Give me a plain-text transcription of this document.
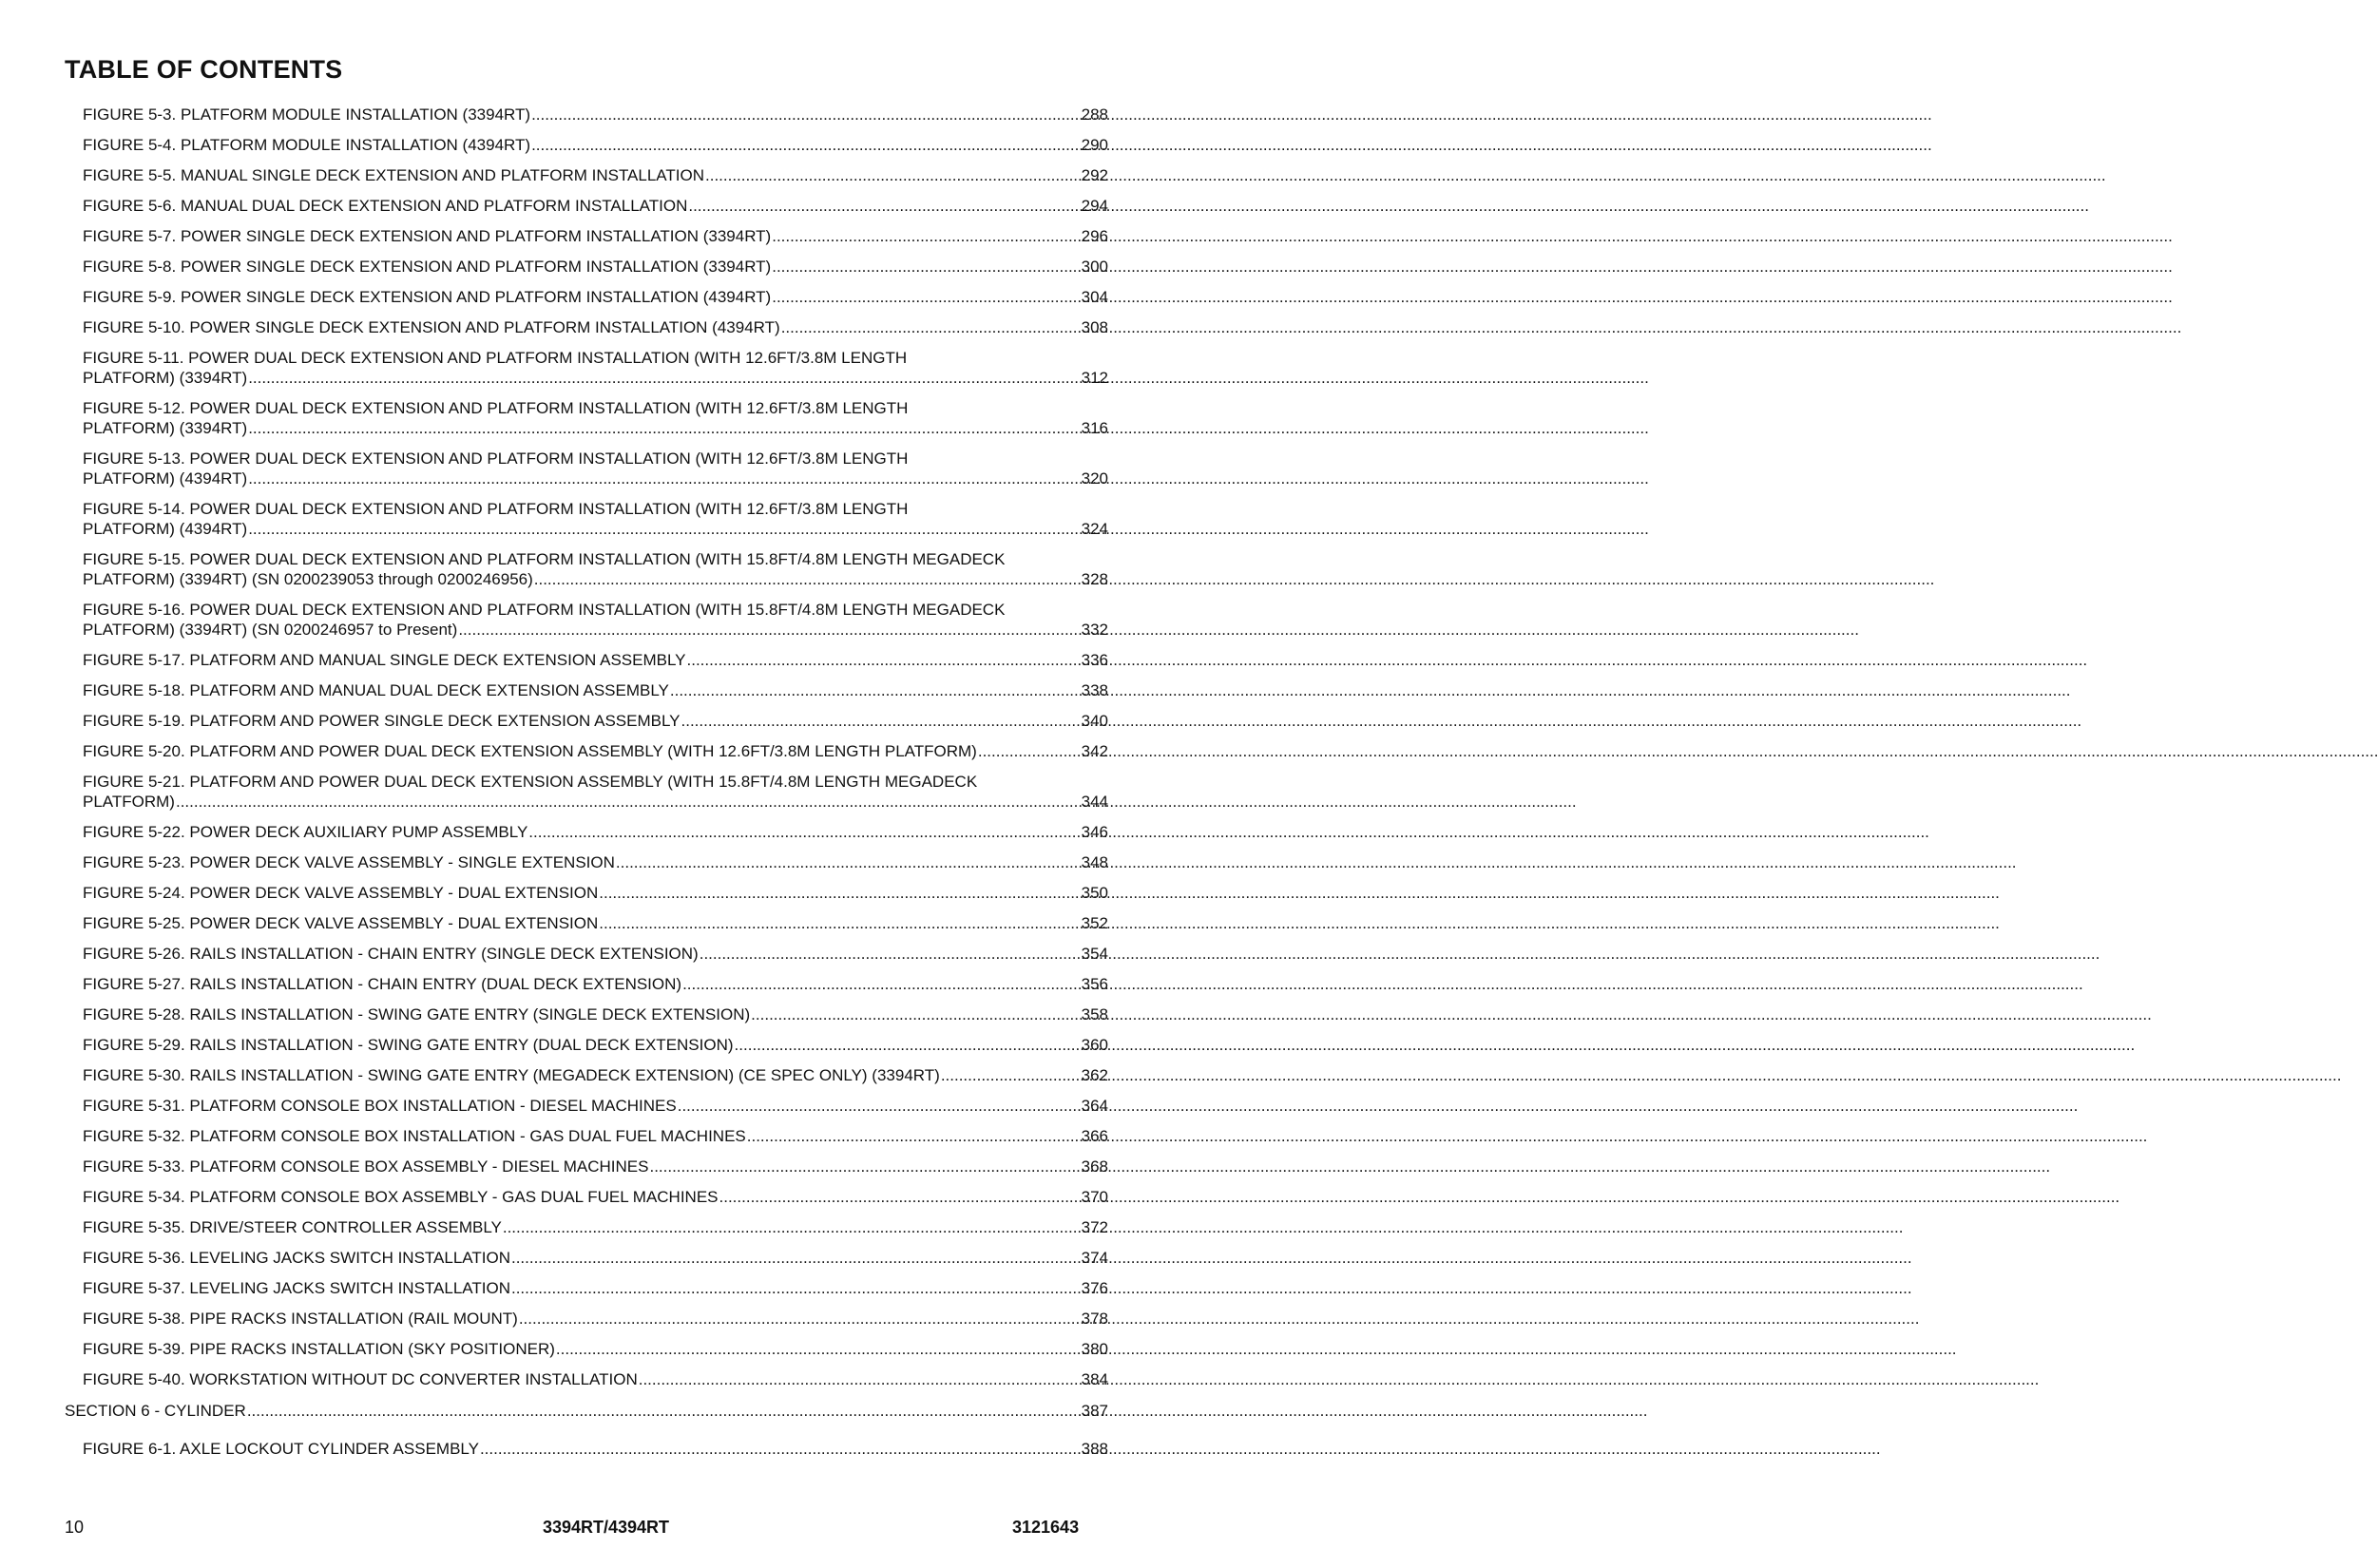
TABLE OF CONTENTS
FIGURE 5-3. PLATFORM MODULE INSTALLATION (3394RT) .....	288
FIGURE 5-4. PLATFORM MODULE INSTALLATION (4394RT) .....	290
FIGURE 5-5. MANUAL SINGLE DECK EXTENSION AND PLATFORM INSTALLATION .....	292
FIGURE 5-6. MANUAL DUAL DECK EXTENSION AND PLATFORM INSTALLATION .....	294
FIGURE 5-7. POWER SINGLE DECK EXTENSION AND PLATFORM INSTALLATION (3394RT) .....	296
FIGURE 5-8. POWER SINGLE DECK EXTENSION AND PLATFORM INSTALLATION (3394RT) .....	300
FIGURE 5-9. POWER SINGLE DECK EXTENSION AND PLATFORM INSTALLATION (4394RT) .....	304
FIGURE 5-10. POWER SINGLE DECK EXTENSION AND PLATFORM INSTALLATION (4394RT) .....	308
FIGURE 5-11. POWER DUAL DECK EXTENSION AND PLATFORM INSTALLATION (WITH 12.6FT/3.8M LENGTH
PLATFORM) (3394RT) .....	312
FIGURE 5-12. POWER DUAL DECK EXTENSION AND PLATFORM INSTALLATION (WITH 12.6FT/3.8M LENGTH
PLATFORM) (3394RT) .....	316
FIGURE 5-13. POWER DUAL DECK EXTENSION AND PLATFORM INSTALLATION (WITH 12.6FT/3.8M LENGTH
PLATFORM) (4394RT) .....	320
FIGURE 5-14. POWER DUAL DECK EXTENSION AND PLATFORM INSTALLATION (WITH 12.6FT/3.8M LENGTH
PLATFORM) (4394RT) .....	324
FIGURE 5-15. POWER DUAL DECK EXTENSION AND PLATFORM INSTALLATION (WITH 15.8FT/4.8M LENGTH MEGADECK
PLATFORM) (3394RT) (SN 0200239053 through 0200246956) .....	328
FIGURE 5-16. POWER DUAL DECK EXTENSION AND PLATFORM INSTALLATION (WITH 15.8FT/4.8M LENGTH MEGADECK
PLATFORM) (3394RT) (SN 0200246957 to Present) .....	332
FIGURE 5-17. PLATFORM AND MANUAL SINGLE DECK EXTENSION ASSEMBLY .....	336
FIGURE 5-18. PLATFORM AND MANUAL DUAL DECK EXTENSION ASSEMBLY .....	338
FIGURE 5-19. PLATFORM AND POWER SINGLE DECK EXTENSION ASSEMBLY .....	340
FIGURE 5-20. PLATFORM AND POWER DUAL DECK EXTENSION ASSEMBLY (WITH 12.6FT/3.8M LENGTH PLATFORM) .....	342
FIGURE 5-21. PLATFORM AND POWER DUAL DECK EXTENSION ASSEMBLY (WITH 15.8FT/4.8M LENGTH MEGADECK
PLATFORM) .....	344
FIGURE 5-22. POWER DECK AUXILIARY PUMP ASSEMBLY .....	346
FIGURE 5-23. POWER DECK VALVE ASSEMBLY - SINGLE EXTENSION .....	348
FIGURE 5-24. POWER DECK VALVE ASSEMBLY - DUAL EXTENSION .....	350
FIGURE 5-25. POWER DECK VALVE ASSEMBLY - DUAL EXTENSION .....	352
FIGURE 5-26. RAILS INSTALLATION - CHAIN ENTRY (SINGLE DECK EXTENSION) .....	354
FIGURE 5-27. RAILS INSTALLATION - CHAIN ENTRY (DUAL DECK EXTENSION) .....	356
FIGURE 5-28. RAILS INSTALLATION - SWING GATE ENTRY (SINGLE DECK EXTENSION) .....	358
FIGURE 5-29. RAILS INSTALLATION - SWING GATE ENTRY (DUAL DECK EXTENSION) .....	360
FIGURE 5-30. RAILS INSTALLATION - SWING GATE ENTRY (MEGADECK EXTENSION) (CE SPEC ONLY) (3394RT) .....	362
FIGURE 5-31. PLATFORM CONSOLE BOX INSTALLATION - DIESEL MACHINES .....	364
FIGURE 5-32. PLATFORM CONSOLE BOX INSTALLATION - GAS DUAL FUEL MACHINES .....	366
FIGURE 5-33. PLATFORM CONSOLE BOX ASSEMBLY - DIESEL MACHINES .....	368
FIGURE 5-34. PLATFORM CONSOLE BOX ASSEMBLY - GAS DUAL FUEL MACHINES .....	370
FIGURE 5-35. DRIVE/STEER CONTROLLER ASSEMBLY .....	372
FIGURE 5-36. LEVELING JACKS SWITCH INSTALLATION .....	374
FIGURE 5-37. LEVELING JACKS SWITCH INSTALLATION .....	376
FIGURE 5-38. PIPE RACKS INSTALLATION (RAIL MOUNT) .....	378
FIGURE 5-39. PIPE RACKS INSTALLATION (SKY POSITIONER) .....	380
FIGURE 5-40. WORKSTATION WITHOUT DC CONVERTER INSTALLATION .....	384
SECTION 6 - CYLINDER .....	387
FIGURE 6-1. AXLE LOCKOUT CYLINDER ASSEMBLY .....	388
10	3394RT/4394RT	3121643
